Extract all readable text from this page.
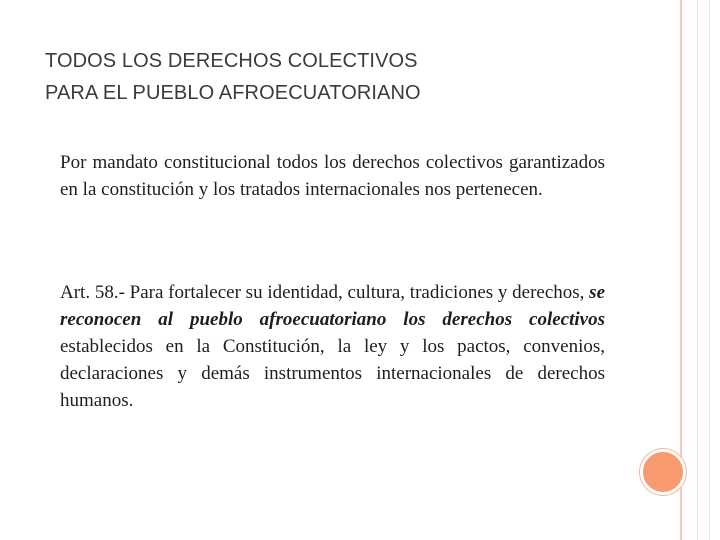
TODOS LOS DERECHOS COLECTIVOS
PARA EL PUEBLO AFROECUATORIANO

Por mandato constitucional todos los derechos colectivos garantizados en la constitución y los tratados internacionales nos pertenecen.

Art. 58.- Para fortalecer su identidad, cultura, tradiciones y derechos, se reconocen al pueblo afroecuatoriano los derechos colectivos establecidos en la Constitución, la ley y los pactos, convenios, declaraciones y demás instrumentos internacionales de derechos humanos.
